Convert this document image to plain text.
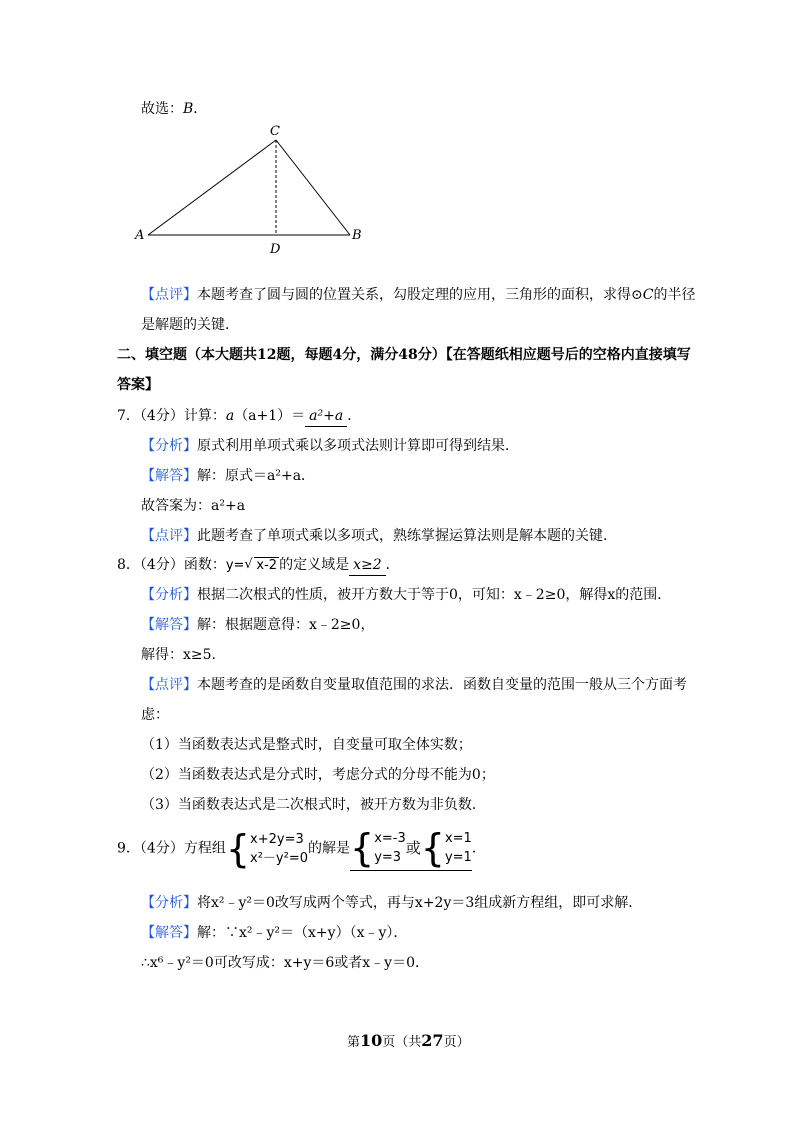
故选：B．
A	B
C
D
【点评】本题考查了圆与圆的位置关系，勾股定理的应用，三角形的面积，求得⊙C的半径
是解题的关键．
二、填空题（本大题共12题，每题4分，满分48分）【在答题纸相应题号后的空格内直接填写
答案】
7．（4分）计算：a（a+1）＝ a²+a ．
【分析】原式利用单项式乘以多项式法则计算即可得到结果．
【解答】解：原式＝a²+a．
故答案为：a²+a
【点评】此题考查了单项式乘以多项式，熟练掌握运算法则是解本题的关键．
8．（4分）函数：y= √ x-2 的定义域是 x≥2 ．
【分析】根据二次根式的性质，被开方数大于等于0，可知：x﹣2≥0，解得x的范围．
【解答】解：根据题意得：x﹣2≥0，
解得：x≥5．
【点评】本题考查的是函数自变量取值范围的求法．函数自变量的范围一般从三个方面考
虑：
（1）当函数表达式是整式时，自变量可取全体实数；
（2）当函数表达式是分式时，考虑分式的分母不能为0；
（3）当函数表达式是二次根式时，被开方数为非负数．
9．（4分）方程组{x+2y=3
x²－y²=0的解是{x=-3
y=3或{x=1
y=1．
【分析】将x²﹣y²＝0改写成两个等式，再与x+2y＝3组成新方程组，即可求解．
【解答】解：∵x²﹣y²＝（x+y）（x﹣y）．
∴x⁶﹣y²＝0可改写成：x+y＝6或者x﹣y＝0．
第10页（共27页）
